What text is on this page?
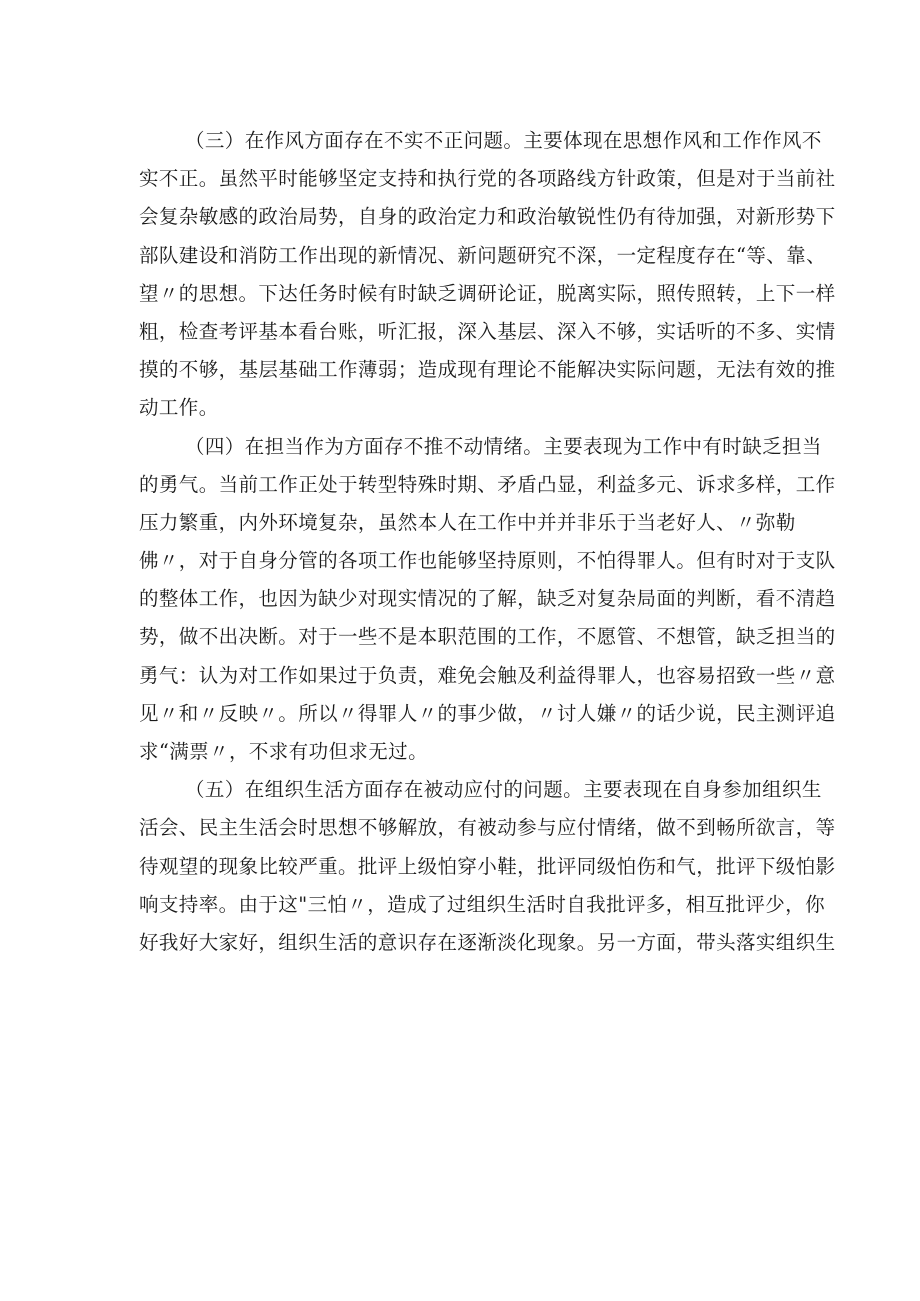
（三）在作风方面存在不实不正问题。主要体现在思想作风和工作作风不
实不正。虽然平时能够坚定支持和执行党的各项路线方针政策，但是对于当前社
会复杂敏感的政治局势，自身的政治定力和政治敏锐性仍有待加强，对新形势下
部队建设和消防工作出现的新情况、新问题研究不深，一定程度存在“等、靠、
望〃的思想。下达任务时候有时缺乏调研论证，脱离实际，照传照转，上下一样
粗，检查考评基本看台账，听汇报，深入基层、深入不够，实话听的不多、实情
摸的不够，基层基础工作薄弱；造成现有理论不能解决实际问题，无法有效的推
动工作。
（四）在担当作为方面存不推不动情绪。主要表现为工作中有时缺乏担当
的勇气。当前工作正处于转型特殊时期、矛盾凸显，利益多元、诉求多样，工作
压力繁重，内外环境复杂，虽然本人在工作中并并非乐于当老好人、〃弥勒
佛〃，对于自身分管的各项工作也能够坚持原则，不怕得罪人。但有时对于支队
的整体工作，也因为缺少对现实情况的了解，缺乏对复杂局面的判断，看不清趋
势，做不出决断。对于一些不是本职范围的工作，不愿管、不想管，缺乏担当的
勇气：认为对工作如果过于负责，难免会触及利益得罪人，也容易招致一些〃意
见〃和〃反映〃。所以〃得罪人〃的事少做，〃讨人嫌〃的话少说，民主测评追
求“满票〃，不求有功但求无过。
（五）在组织生活方面存在被动应付的问题。主要表现在自身参加组织生
活会、民主生活会时思想不够解放，有被动参与应付情绪，做不到畅所欲言，等
待观望的现象比较严重。批评上级怕穿小鞋，批评同级怕伤和气，批评下级怕影
响支持率。由于这"三怕〃，造成了过组织生活时自我批评多，相互批评少，你
好我好大家好，组织生活的意识存在逐渐淡化现象。另一方面，带头落实组织生
